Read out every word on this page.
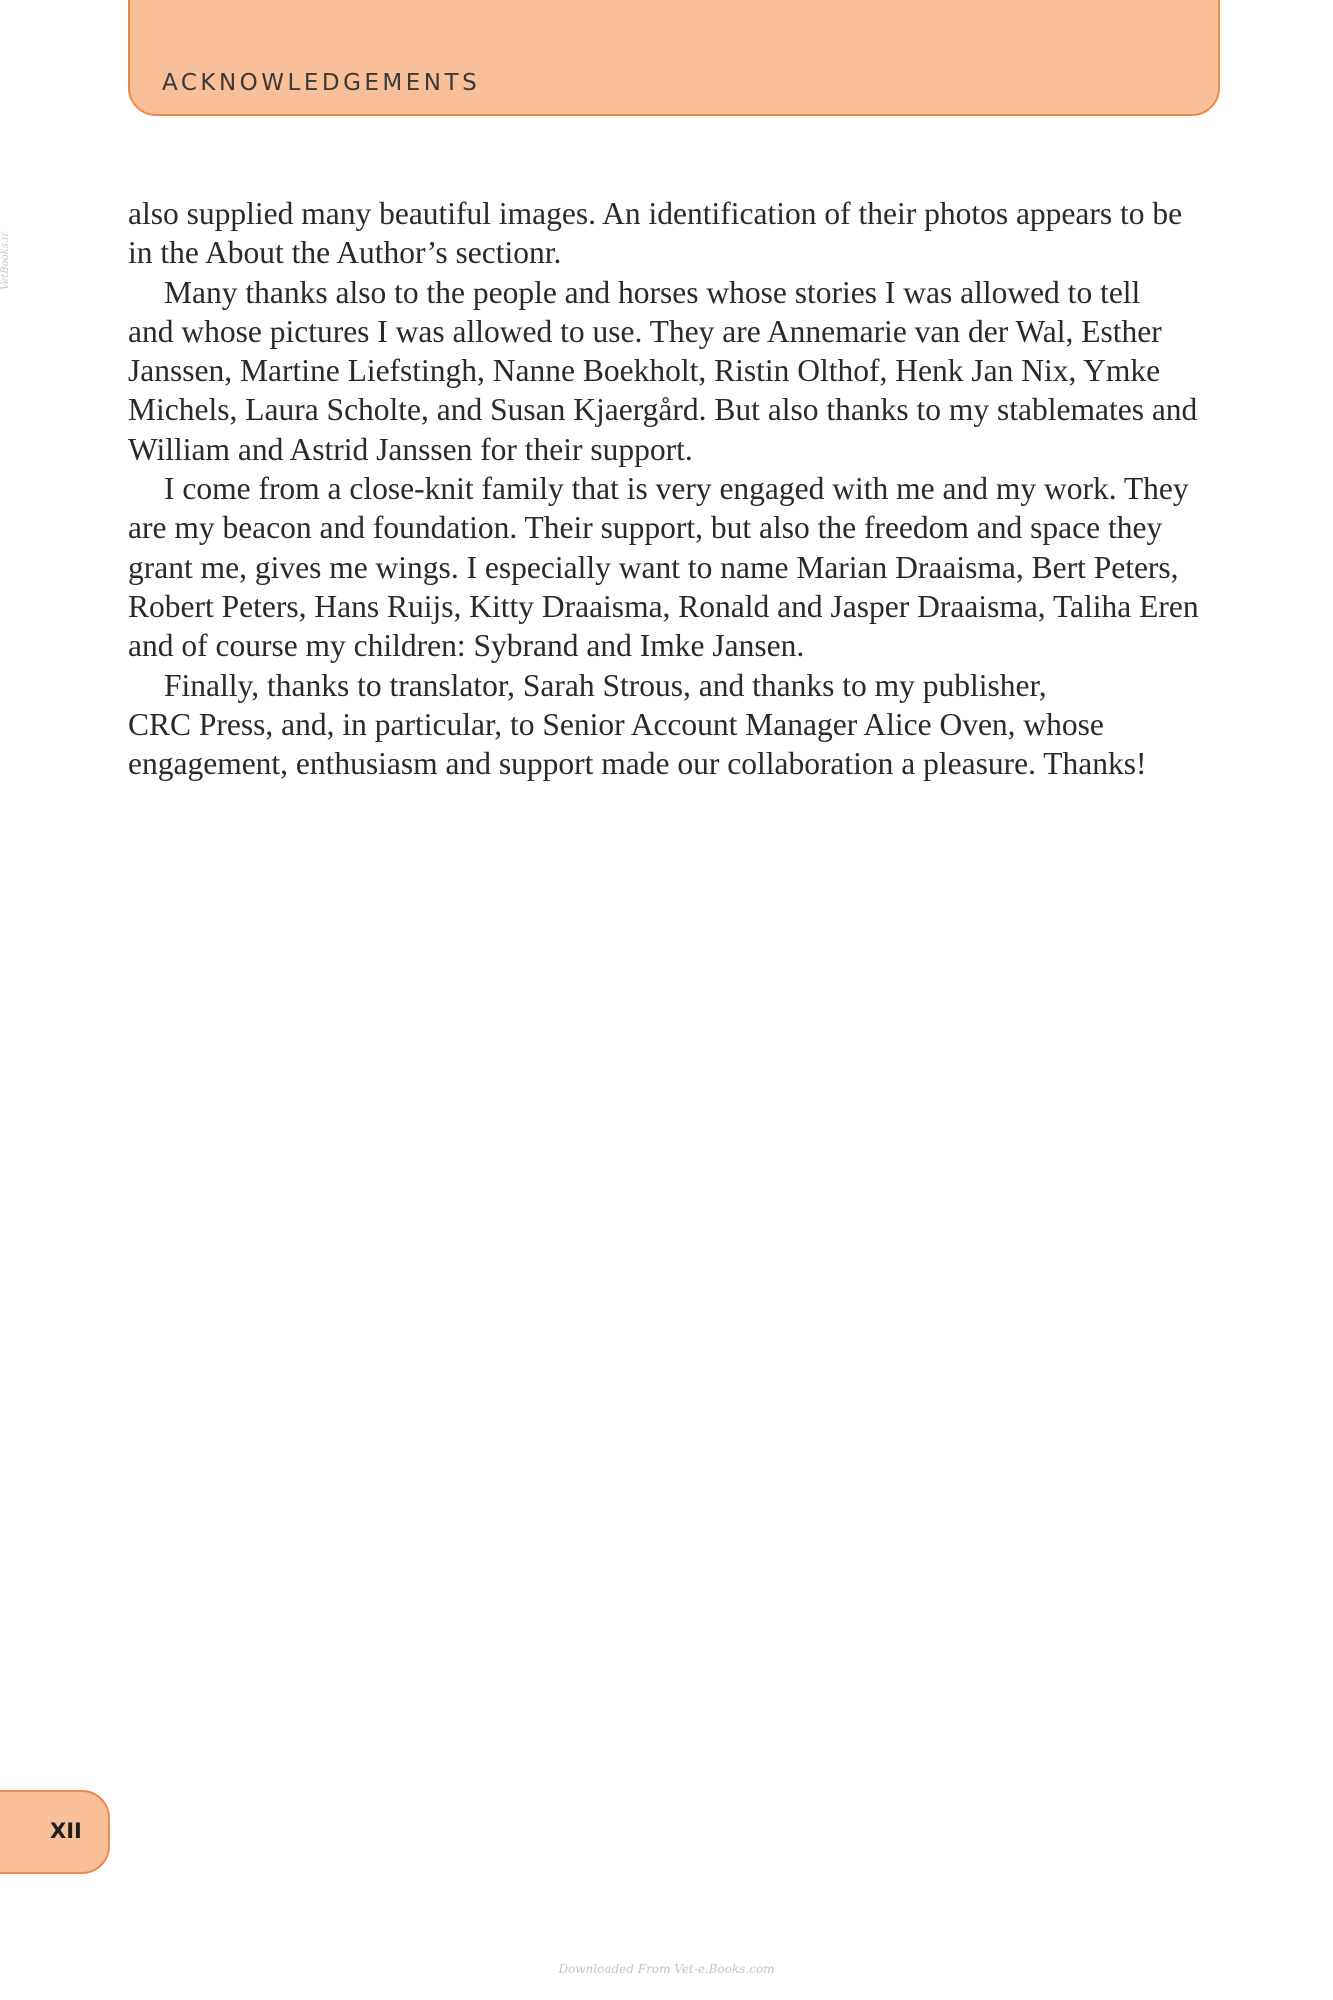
ACKNOWLEDGEMENTS
VetBooks.ir

also supplied many beautiful images. An identification of their photos appears to be
in the About the Author’s sectionr.

Many thanks also to the people and horses whose stories I was allowed to tell
and whose pictures I was allowed to use. They are Annemarie van der Wal, Esther
Janssen, Martine Liefstingh, Nanne Boekholt, Ristin Olthof, Henk Jan Nix, Ymke
Michels, Laura Scholte, and Susan Kjaergård. But also thanks to my stablemates and
William and Astrid Janssen for their support.

I come from a close-knit family that is very engaged with me and my work. They
are my beacon and foundation. Their support, but also the freedom and space they
grant me, gives me wings. I especially want to name Marian Draaisma, Bert Peters,
Robert Peters, Hans Ruijs, Kitty Draaisma, Ronald and Jasper Draaisma, Taliha Eren
and of course my children: Sybrand and Imke Jansen.

Finally, thanks to translator, Sarah Strous, and thanks to my publisher,
CRC Press, and, in particular, to Senior Account Manager Alice Oven, whose
engagement, enthusiasm and support made our collaboration a pleasure. Thanks!

XII
Downloaded From Vet-e.Books.com
